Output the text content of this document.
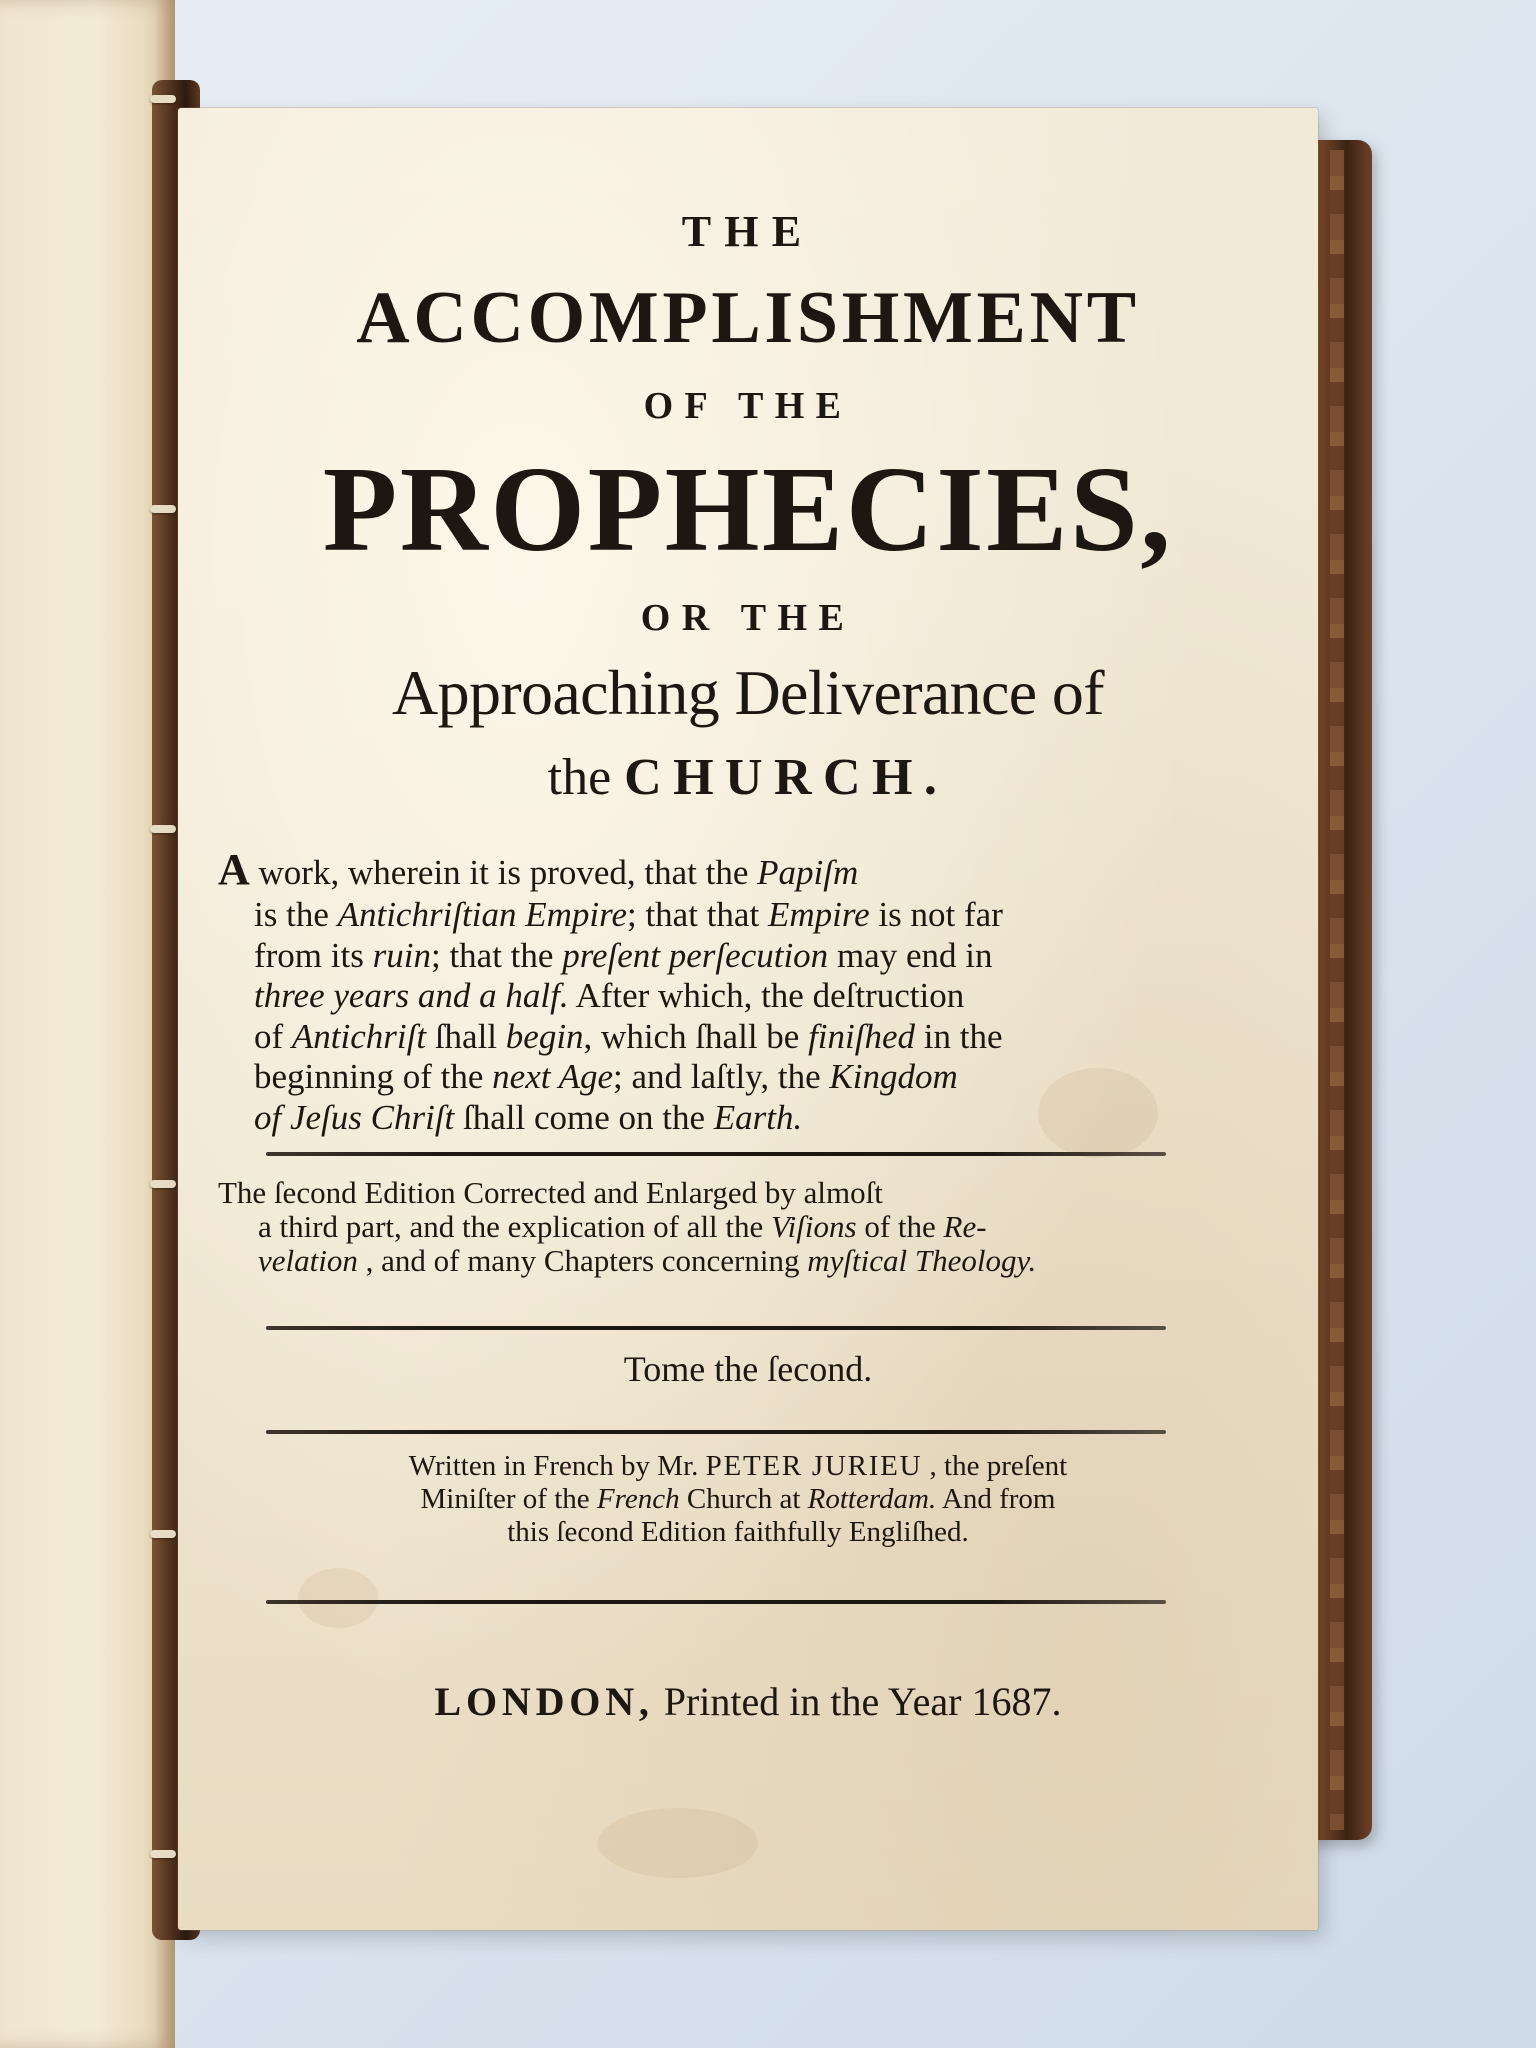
THE
ACCOMPLISHMENT
OF THE
PROPHECIES,
OR THE
Approaching Deliverance of
the CHURCH.
A work, wherein it is proved, that the Papiſm
is the Antichriſtian Empire; that that Empire is not far
from its ruin; that the preſent perſecution may end in
three years and a half. After which, the deſtruction
of Antichriſt ſhall begin, which ſhall be finiſhed in the
beginning of the next Age; and laſtly, the Kingdom
of Jeſus Chriſt ſhall come on the Earth.
The ſecond Edition Corrected and Enlarged by almoſt
a third part, and the explication of all the Viſions of the Re-
velation , and of many Chapters concerning myſtical Theology.
Tome the ſecond.
Written in French by Mr. PETER JURIEU , the preſent
Miniſter of the French Church at Rotterdam. And from
this ſecond Edition faithfully Engliſhed.
LONDON, Printed in the Year 1687.
